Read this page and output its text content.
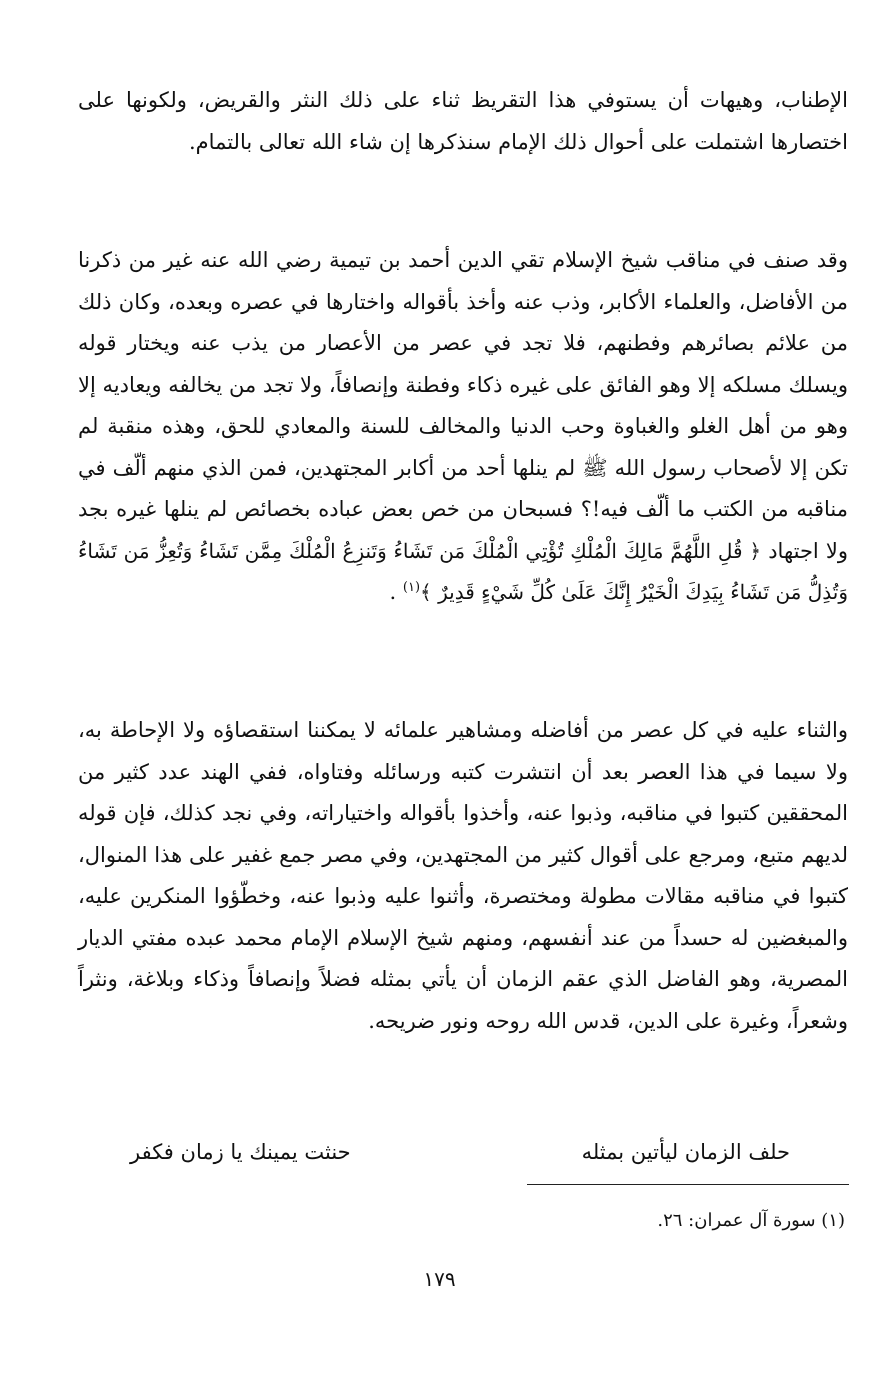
الإطناب، وهيهات أن يستوفي هذا التقريظ ثناء على ذلك النثر والقريض، ولكونها على اختصارها اشتملت على أحوال ذلك الإمام سنذكرها إن شاء الله تعالى بالتمام.

وقد صنف في مناقب شيخ الإسلام تقي الدين أحمد بن تيمية رضي الله عنه غير من ذكرنا من الأفاضل، والعلماء الأكابر، وذب عنه وأخذ بأقواله واختارها في عصره وبعده، وكان ذلك من علائم بصائرهم وفطنهم، فلا تجد في عصر من الأعصار من يذب عنه ويختار قوله ويسلك مسلكه إلا وهو الفائق على غيره ذكاء وفطنة وإنصافاً، ولا تجد من يخالفه ويعاديه إلا وهو من أهل الغلو والغباوة وحب الدنيا والمخالف للسنة والمعادي للحق، وهذه منقبة لم تكن إلا لأصحاب رسول الله ﷺ لم ينلها أحد من أكابر المجتهدين، فمن الذي منهم ألّف في مناقبه من الكتب ما ألّف فيه!؟ فسبحان من خص بعض عباده بخصائص لم ينلها غيره بجد ولا اجتهاد ﴿ قُلِ اللَّهُمَّ مَالِكَ الْمُلْكِ تُؤْتِي الْمُلْكَ مَن تَشَاءُ وَتَنزِعُ الْمُلْكَ مِمَّن تَشَاءُ وَتُعِزُّ مَن تَشَاءُ وَتُذِلُّ مَن تَشَاءُ بِيَدِكَ الْخَيْرُ إِنَّكَ عَلَىٰ كُلِّ شَيْءٍ قَدِيرٌ ﴾$^{(١)}$ .

والثناء عليه في كل عصر من أفاضله ومشاهير علمائه لا يمكننا استقصاؤه ولا الإحاطة به، ولا سيما في هذا العصر بعد أن انتشرت كتبه ورسائله وفتاواه، ففي الهند عدد كثير من المحققين كتبوا في مناقبه، وذبوا عنه، وأخذوا بأقواله واختياراته، وفي نجد كذلك، فإن قوله لديهم متبع، ومرجع على أقوال كثير من المجتهدين، وفي مصر جمع غفير على هذا المنوال، كتبوا في مناقبه مقالات مطولة ومختصرة، وأثنوا عليه وذبوا عنه، وخطّؤوا المنكرين عليه، والمبغضين له حسداً من عند أنفسهم، ومنهم شيخ الإسلام الإمام محمد عبده مفتي الديار المصرية، وهو الفاضل الذي عقم الزمان أن يأتي بمثله فضلاً وإنصافاً وذكاء وبلاغة، ونثراً وشعراً، وغيرة على الدين، قدس الله روحه ونور ضريحه.

حلف الزمان ليأتين بمثله
حنثت يمينك يا زمان فكفر
(١) سورة آل عمران: ٢٦.
١٧٩
